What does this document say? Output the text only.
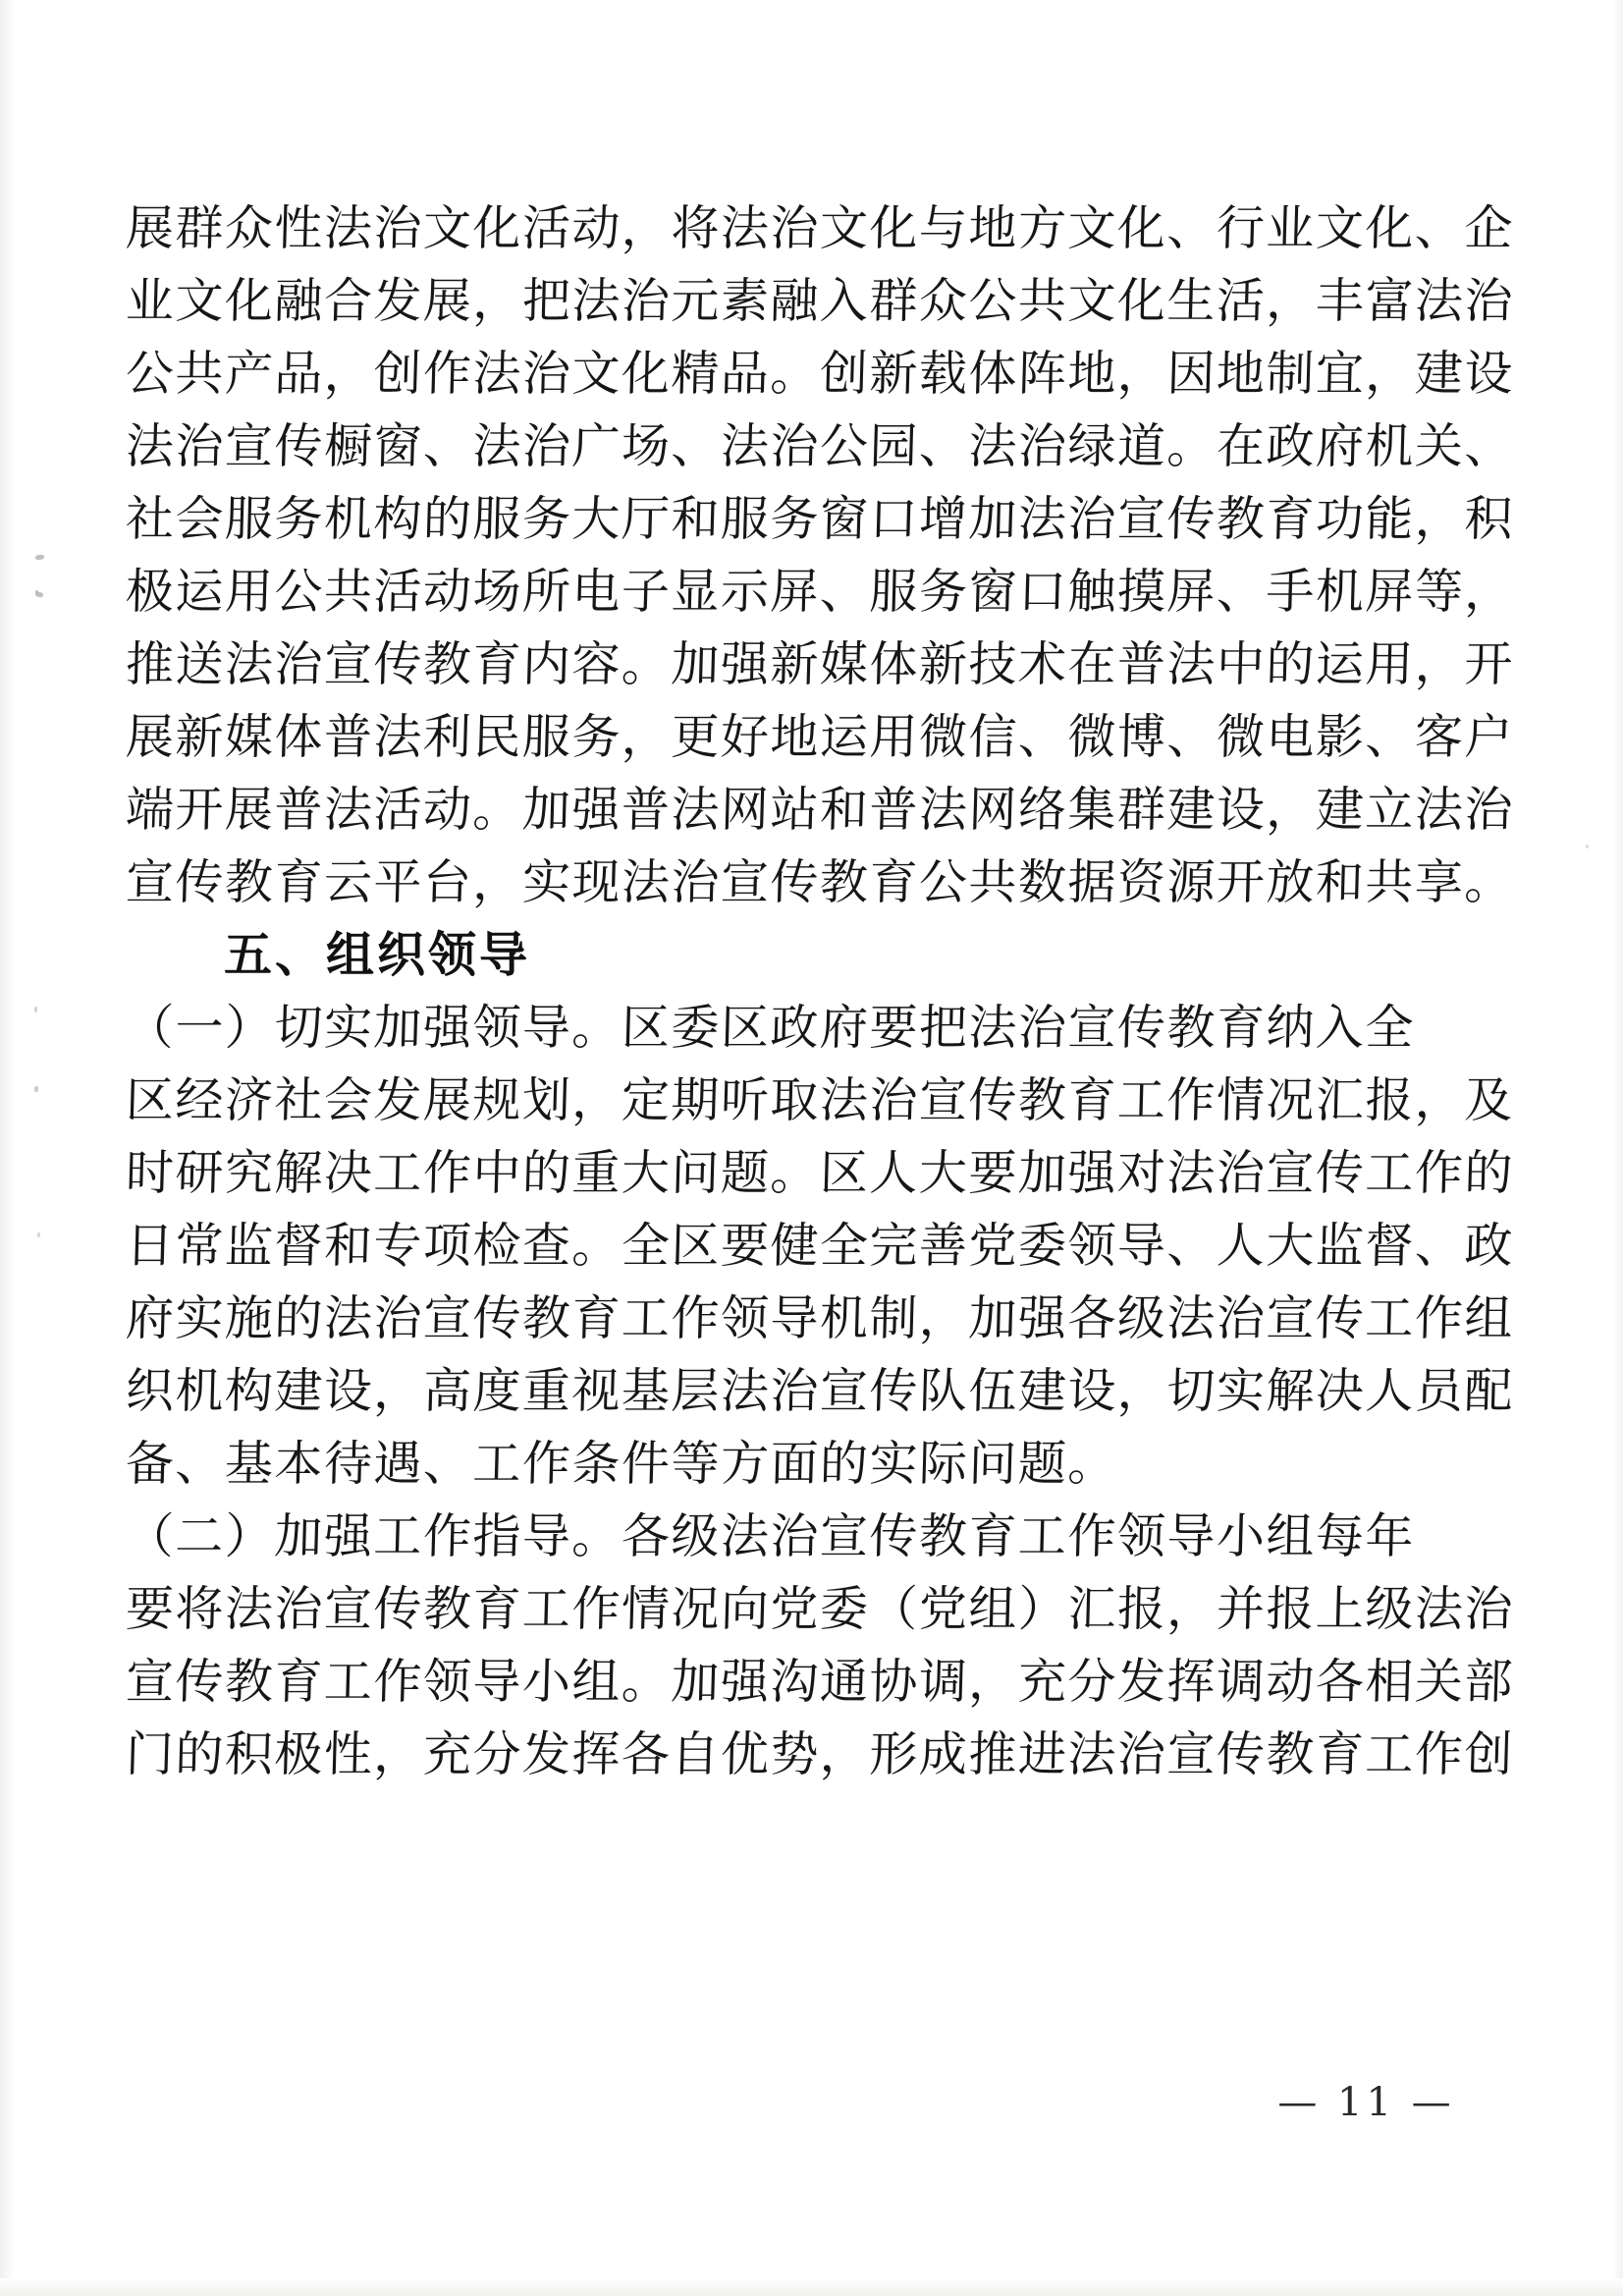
展群众性法治文化活动，将法治文化与地方文化、行业文化、企
业文化融合发展，把法治元素融入群众公共文化生活，丰富法治
公共产品，创作法治文化精品。创新载体阵地，因地制宜，建设
法治宣传橱窗、法治广场、法治公园、法治绿道。在政府机关、
社会服务机构的服务大厅和服务窗口增加法治宣传教育功能，积
极运用公共活动场所电子显示屏、服务窗口触摸屏、手机屏等，
推送法治宣传教育内容。加强新媒体新技术在普法中的运用，开
展新媒体普法利民服务，更好地运用微信、微博、微电影、客户
端开展普法活动。加强普法网站和普法网络集群建设，建立法治
宣传教育云平台，实现法治宣传教育公共数据资源开放和共享。
五、组织领导
（一）切实加强领导。区委区政府要把法治宣传教育纳入全
区经济社会发展规划，定期听取法治宣传教育工作情况汇报，及
时研究解决工作中的重大问题。区人大要加强对法治宣传工作的
日常监督和专项检查。全区要健全完善党委领导、人大监督、政
府实施的法治宣传教育工作领导机制，加强各级法治宣传工作组
织机构建设，高度重视基层法治宣传队伍建设，切实解决人员配
备、基本待遇、工作条件等方面的实际问题。
（二）加强工作指导。各级法治宣传教育工作领导小组每年
要将法治宣传教育工作情况向党委（党组）汇报，并报上级法治
宣传教育工作领导小组。加强沟通协调，充分发挥调动各相关部
门的积极性，充分发挥各自优势，形成推进法治宣传教育工作创
— 11 —
